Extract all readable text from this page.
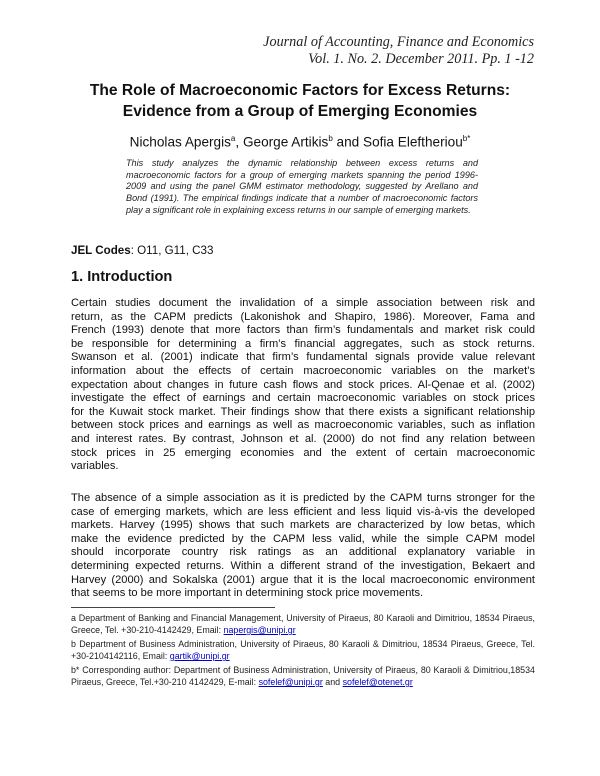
Journal of Accounting, Finance and Economics
Vol. 1. No. 2. December 2011. Pp. 1 -12
The Role of Macroeconomic Factors for Excess Returns:
Evidence from a Group of Emerging Economies
Nicholas Apergis$^a$, George Artikis$^b$ and Sofia Eleftheriou$^{b*}$
This study analyzes the dynamic relationship between excess returns and macroeconomic factors for a group of emerging markets spanning the period 1996-2009 and using the panel GMM estimator methodology, suggested by Arellano and Bond (1991). The empirical findings indicate that a number of macroeconomic factors play a significant role in explaining excess returns in our sample of emerging markets.
JEL Codes: O11, G11, C33
1. Introduction
Certain studies document the invalidation of a simple association between risk and
return, as the CAPM predicts (Lakonishok and Shapiro, 1986). Moreover, Fama and
French (1993) denote that more factors than firm’s fundamentals and market risk could
be responsible for determining a firm’s financial aggregates, such as stock returns.
Swanson et al. (2001) indicate that firm’s fundamental signals provide value relevant
information about the effects of certain macroeconomic variables on the market’s
expectation about changes in future cash flows and stock prices. Al-Qenae et al. (2002)
investigate the effect of earnings and certain macroeconomic variables on stock prices
for the Kuwait stock market. Their findings show that there exists a significant relationship
between stock prices and earnings as well as macroeconomic variables, such as inflation
and interest rates. By contrast, Johnson et al. (2000) do not find any relation between
stock prices in 25 emerging economies and the extent of certain macroeconomic
variables.
The absence of a simple association as it is predicted by the CAPM turns stronger for the
case of emerging markets, which are less efficient and less liquid vis-à-vis the developed
markets. Harvey (1995) shows that such markets are characterized by low betas, which
make the evidence predicted by the CAPM less valid, while the simple CAPM model
should incorporate country risk ratings as an additional explanatory variable in
determining expected returns. Within a different strand of the investigation, Bekaert and
Harvey (2000) and Sokalska (2001) argue that it is the local macroeconomic environment
that seems to be more important in determining stock price movements.
a Department of Banking and Financial Management, University of Piraeus, 80 Karaoli and Dimitriou, 18534 Piraeus, Greece, Tel. +30-210-4142429, Email: napergis@unipi.gr
b Department of Business Administration, University of Piraeus, 80 Karaoli & Dimitriou, 18534 Piraeus, Greece, Tel. +30-2104142116, Email: gartik@unipi.gr
b* Corresponding author: Department of Business Administration, University of Piraeus, 80 Karaoli & Dimitriou,18534 Piraeus, Greece, Tel.+30-210 4142429, E-mail: sofelef@unipi.gr and sofelef@otenet.gr
